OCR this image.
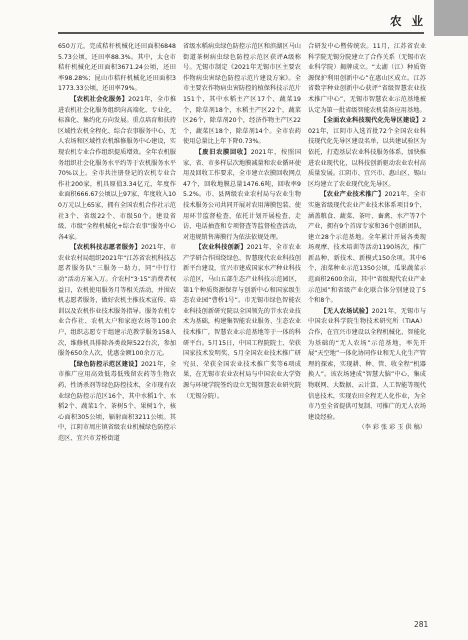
农 业

650万元，完成秸秆机械化还田面积68485.73公顷，还田率88.3%。其中，太仓市秸秆机械化还田面积3671.24公顷，还田率98.28%；昆山市秸秆机械化还田面积31773.33公顷，还田率79%。

【农机社会化服务】2021年，全市推进农机社会化服务组织向高端化、专业化、标准化、集约化方向发展。重点培育和扶持区域性农机全程化、综合农事服务中心，无人农场和区域性农机维修服务中心建设，实现农机专业合作组织提质增效。全年农机服务组织社会化服务水平约等于农机服务水平70%以上。全市共注册登记的农机专业合作社200家，机具原值3.34亿元，年度作业面积666.67公顷以上97家，年度收入100万元以上65家，拥有全国农机合作社示范社3个、省级22个、市级50个。建设省级、市级“全程机械化+综合农事”服务中心各4家。

【农机科技志愿者服务】2021年，市农业农村局组织2021年“江苏省农机科技志愿者服务队”三服务一助力，同“中行行动”活动方案入万。介农村“3·15”消费者权益日，农机使用服务月等相关活动，并围农机志愿者服务，做好农机主推技术宣传、培训以及农机作业技术服务指导。服务农机专业合作社、农机大户和家庭农场等100余户，组织志愿专干组建示范教学服务158人次，维修机具排除各类故障522台次，参加服务650余人次，优惠金额100余万元。

【绿色防控示范区建设】2021年，全市推广应用高效低毒低残留农药等生物农药、性诱杀剂等绿色防控技术，全市现有农业绿色防控示范区16个，其中水稻1个、水稻2个、蔬菜1个、茶树5个、果树1个，核心面积305公顷，辐射面积3211公顷。其中，江阴市周庄镇省级农业机械绿色防控示范区、宜兴市芳桥街道

省级水稻病虫绿色防控示范区和滨湖区马山街道茶树病虫绿色防控示范区获评A级称号。无锡市制定《2021年无锡市区主要农作物病虫害绿色防控示范片建设方案》。全市主要农作物病虫害防控的植保科技示范片151个，其中水稻主产区17个、蔬菜19个，除草剂18个，水稻主产区22个，蔬菜区26个，除草剂20个，经济作物主产区22个，蔬菜区18个，除草剂14个。全市农药使用总量比上年下降0.73%。

【废旧农膜回收】2021年，按照国家、省、市多样层次地膜减量和农业循环使用及回收工作要求，全市建立农膜回收网点47个，回收地膜总量1476.6吨，回收率95.2%。市、县两级农业农村局与农业生物技术服务公司共同开展对农用薄膜包装、使用环节监督检查，依托计划开展检查、走访、电话抽查和专项督查等监督检查活动，对违规销售薄膜行为依法依规处理。

【农业科技创新】2021年，全市农业产学研合作围绕绿色、智慧现代农业科技创新平台建设，宜兴市建成国家水产种业科技示范区，马山五部生态产业科技示范园区，第1个种质资源保存与创新中心和国家级生态农业园“曹桥1号”。市无锡市绿色智能农业科技创新研究院以全国领先的节水农业技术为基础，构建集智能农业服务、生态农业技术推广，智慧农业示范基地等于一体的科研平台。5月15日，中国工程院院士、荣获国家技术发明奖、5月全国农业技术推广研究员、荣获全国农业技术推广奖等6项成果，在无锡市农业农村局与中国农业大学资源与环境学院签约设立无锡智慧农业研究院（无锡分院）。

合研发中心暨传统农。11月，江苏省农业科学院无锡分院建立了合作关系（无锡市农业科学院）揭牌成立。“太湖（江）种质资源保护利用创新中心”在惠山区成立。江苏省数字种业创新中心获评“省级智慧农业技术推广中心”，无锡市智慧农业示范基地被认定为第一批省级智能农机装备应用基地。

【全面农业科技现代化先导区建设】2021年，江阴市入选首批72个全国农业科技现代化先导区建设名单，以共建试验区为依托，打造基层农业科技服务体系，加快推进农业现代化，以科技创新驱动农业农村高质量发展。江阴市、宜兴市、惠山区、锡山区均建立了农业现代化先导区。

【农业产业技术推广】2021年，全市实施省级现代农业产业技术体系项目9个，涵盖粮食、蔬菜、茶叶、畜禽、水产等7个产业，拥有9个首席专家和36个创新团队，建立28个示范基地。全年累计开展各类现场观摩、技术培训等活动1190场次，推广新品种、新技术、新模式150余项。其中6个，油菜种业示范1350公顷，瓜果蔬菜示范面积2600余亩，其中“省级现代农业产业示范园”和省级产业化联合体分别建设了5个和8个。

【无人农场试验】2021年，无锡市与中国农业科学院生物技术研究所（TIAA）合作，在宜兴市建设以全程机械化、智能化为基础的“无人农场”示范基地，率先开展“天空地”一体化协同作业和无人化生产管理的探索，实现耕、种、管、收全程“机器换人”。该农场建成“智慧大脑”中心，集成物联网、大数据、云计算、人工智能等现代信息技术，实现农田全程无人化作业，为全市乃至全省提供可复制、可推广的无人农场建设经验。

（李 彩 张 彩 玉 供 稿）

281
